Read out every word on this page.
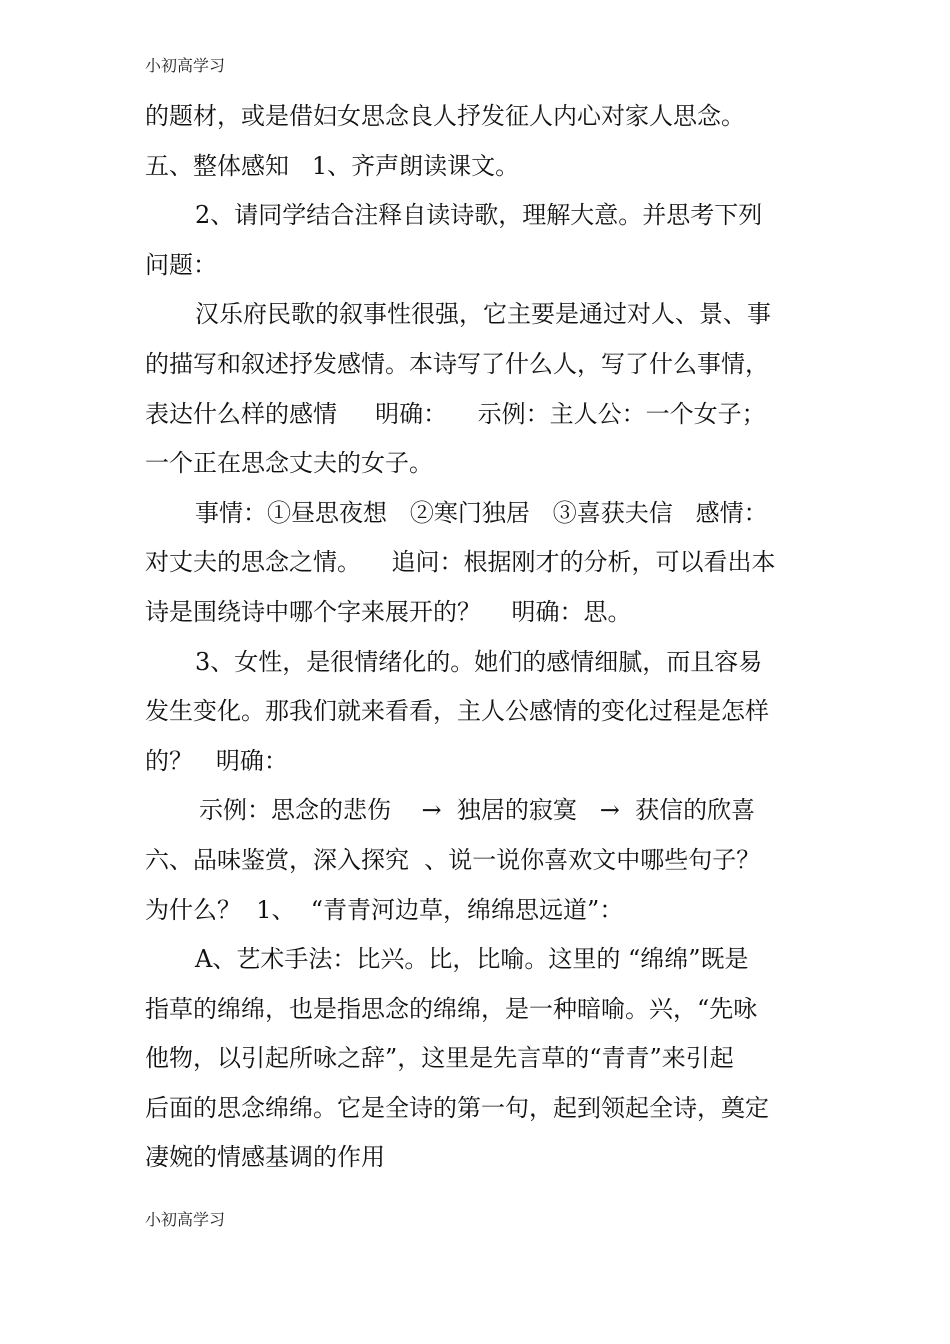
小初高学习
的题材，或是借妇女思念良人抒发征人内心对家人思念。
五、整体感知   1、齐声朗读课文。
2、请同学结合注释自读诗歌，理解大意。并思考下列
问题：
汉乐府民歌的叙事性很强，它主要是通过对人、景、事
的描写和叙述抒发感情。本诗写了什么人，写了什么事情，
表达什么样的感情     明确：    示例：主人公：一个女子；
一个正在思念丈夫的女子。
事情：①昼思夜想   ②寒门独居   ③喜获夫信   感情：
对丈夫的思念之情。    追问：根据刚才的分析，可以看出本
诗是围绕诗中哪个字来展开的？    明确：思。
3、女性，是很情绪化的。她们的感情细腻，而且容易
发生变化。那我们就来看看，主人公感情的变化过程是怎样
的？   明确：
示例：思念的悲伤    →  独居的寂寞   →  获信的欣喜
六、品味鉴赏，深入探究  、说一说你喜欢文中哪些句子？
为什么？  1、  “青青河边草，绵绵思远道”：
A、艺术手法：比兴。比，比喻。这里的 “绵绵”既是
指草的绵绵，也是指思念的绵绵，是一种暗喻。兴，“先咏
他物，以引起所咏之辞”，这里是先言草的“青青”来引起
后面的思念绵绵。它是全诗的第一句，起到领起全诗，奠定
凄婉的情感基调的作用
小初高学习
